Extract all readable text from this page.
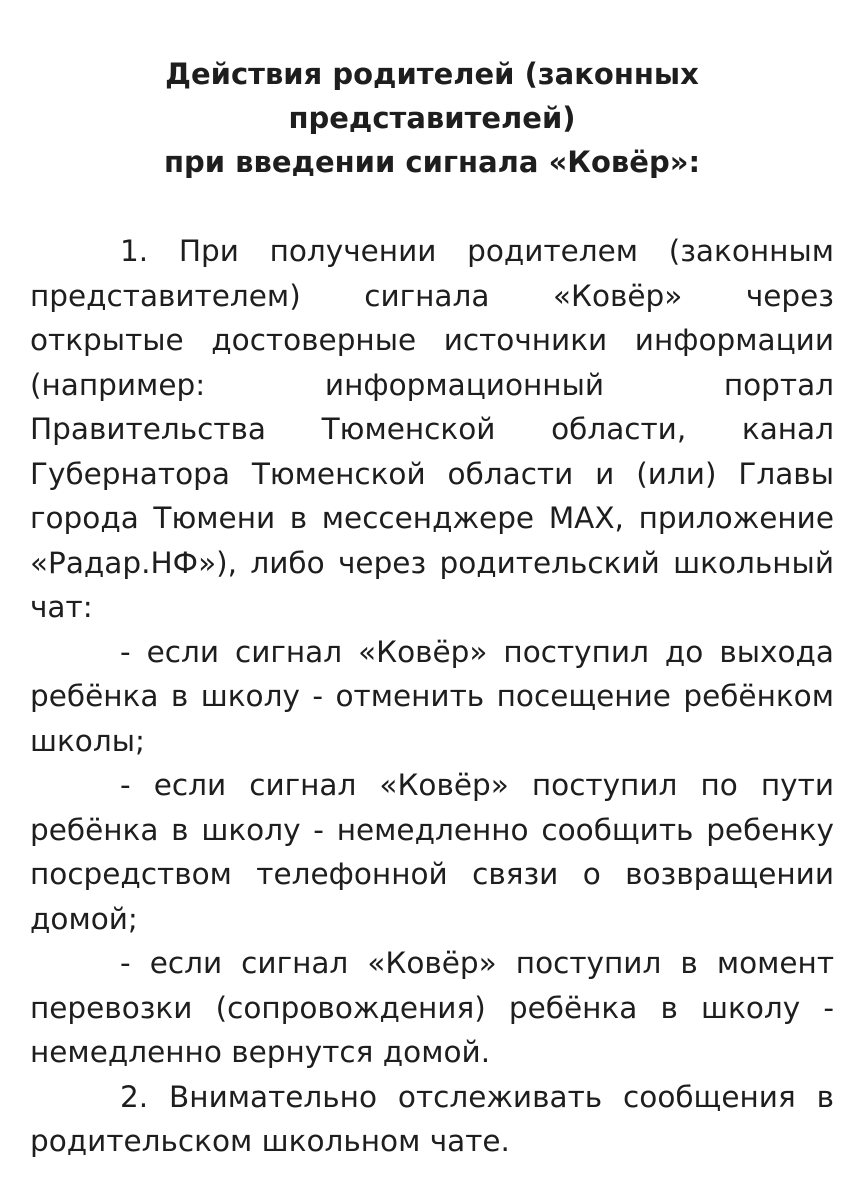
Действия родителей (законных
представителей)
при введении сигнала «Ковёр»:

1. При получении родителем (законным представителем) сигнала «Ковёр» через открытые достоверные источники информации (например: информационный портал Правительства Тюменской области, канал Губернатора Тюменской области и (или) Главы города Тюмени в мессенджере MAX, приложение «Радар.НФ»), либо через родительский школьный чат:

- если сигнал «Ковёр» поступил до выхода ребёнка в школу - отменить посещение ребёнком школы;

- если сигнал «Ковёр» поступил по пути ребёнка в школу - немедленно сообщить ребенку посредством телефонной связи о возвращении домой;

- если сигнал «Ковёр» поступил в момент перевозки (сопровождения) ребёнка в школу - немедленно вернутся домой.

2. Внимательно отслеживать сообщения в родительском школьном чате.
